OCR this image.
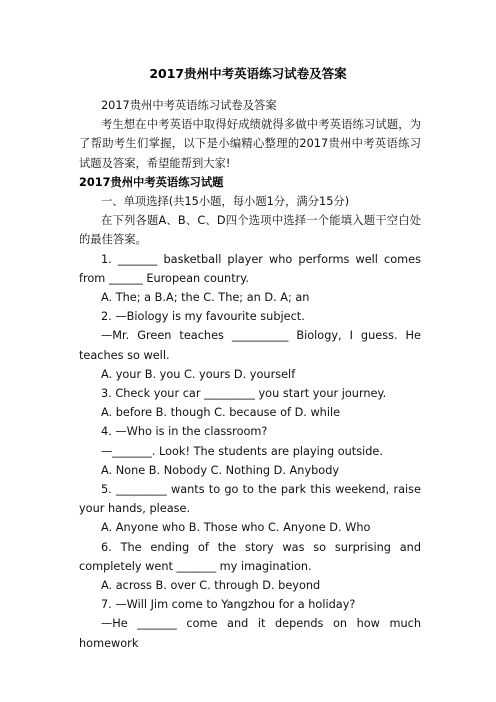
2017贵州中考英语练习试卷及答案

2017贵州中考英语练习试卷及答案

考生想在中考英语中取得好成绩就得多做中考英语练习试题，为了帮助考生们掌握，以下是小编精心整理的2017贵州中考英语练习试题及答案，希望能帮到大家!

2017贵州中考英语练习试题

一、单项选择(共15小题，每小题1分，满分15分)

在下列各题A、B、C、D四个选项中选择一个能填入题干空白处的最佳答案。

1. _______ basketball player who performs well comes from ______ European country.

A. The; a B.A; the C. The; an D. A; an

2. —Biology is my favourite subject.

—Mr. Green teaches __________ Biology, I guess. He teaches so well.

A. your B. you C. yours D. yourself

3. Check your car _________ you start your journey.

A. before B. though C. because of D. while

4. —Who is in the classroom?

—_______. Look! The students are playing outside.

A. None B. Nobody C. Nothing D. Anybody

5. _________ wants to go to the park this weekend, raise your hands, please.

A. Anyone who B. Those who C. Anyone D. Who

6. The ending of the story was so surprising and completely went _______ my imagination.

A. across B. over C. through D. beyond

7. —Will Jim come to Yangzhou for a holiday?

—He _______ come and it depends on how much homework
